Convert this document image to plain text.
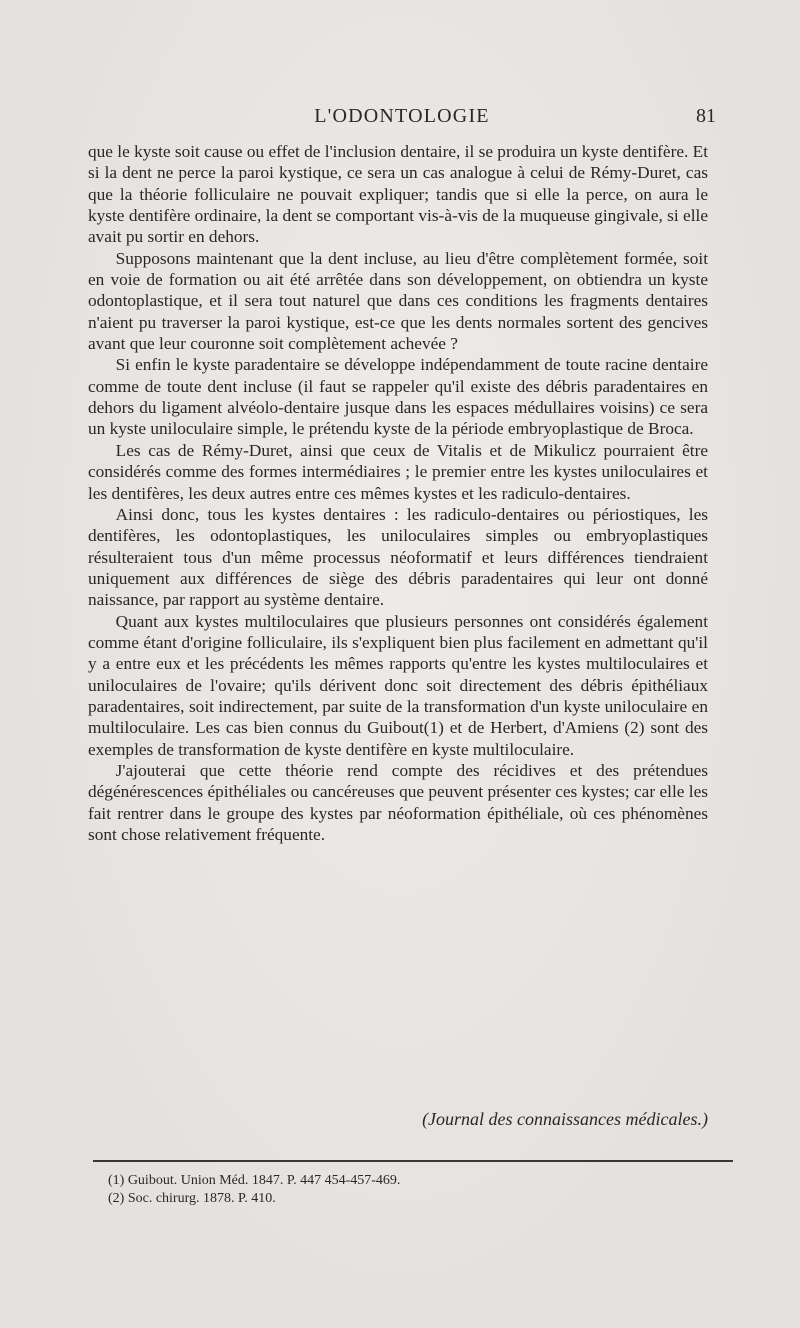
L'ODONTOLOGIE	81

que le kyste soit cause ou effet de l'inclusion dentaire, il se produira un kyste dentifère. Et si la dent ne perce la paroi kystique, ce sera un cas analogue à celui de Rémy-Duret, cas que la théorie folliculaire ne pouvait expliquer; tandis que si elle la perce, on aura le kyste dentifère ordinaire, la dent se comportant vis-à-vis de la muqueuse gingivale, si elle avait pu sortir en dehors.

Supposons maintenant que la dent incluse, au lieu d'être complètement formée, soit en voie de formation ou ait été arrêtée dans son développement, on obtiendra un kyste odontoplastique, et il sera tout naturel que dans ces conditions les fragments dentaires n'aient pu traverser la paroi kystique, est-ce que les dents normales sortent des gencives avant que leur couronne soit complètement achevée ?

Si enfin le kyste paradentaire se développe indépendamment de toute racine dentaire comme de toute dent incluse (il faut se rappeler qu'il existe des débris paradentaires en dehors du ligament alvéolo-dentaire jusque dans les espaces médullaires voisins) ce sera un kyste uniloculaire simple, le prétendu kyste de la période embryoplastique de Broca.

Les cas de Rémy-Duret, ainsi que ceux de Vitalis et de Mikulicz pourraient être considérés comme des formes intermédiaires ; le premier entre les kystes uniloculaires et les dentifères, les deux autres entre ces mêmes kystes et les radiculo-dentaires.

Ainsi donc, tous les kystes dentaires : les radiculo-dentaires ou périostiques, les dentifères, les odontoplastiques, les uniloculaires simples ou embryoplastiques résulteraient tous d'un même processus néoformatif et leurs différences tiendraient uniquement aux différences de siège des débris paradentaires qui leur ont donné naissance, par rapport au système dentaire.

Quant aux kystes multiloculaires que plusieurs personnes ont considérés également comme étant d'origine folliculaire, ils s'expliquent bien plus facilement en admettant qu'il y a entre eux et les précédents les mêmes rapports qu'entre les kystes multiloculaires et uniloculaires de l'ovaire; qu'ils dérivent donc soit directement des débris épithéliaux paradentaires, soit indirectement, par suite de la transformation d'un kyste uniloculaire en multiloculaire. Les cas bien connus du Guibout(1) et de Herbert, d'Amiens (2) sont des exemples de transformation de kyste dentifère en kyste multiloculaire.

J'ajouterai que cette théorie rend compte des récidives et des prétendues dégénérescences épithéliales ou cancéreuses que peuvent présenter ces kystes; car elle les fait rentrer dans le groupe des kystes par néoformation épithéliale, où ces phénomènes sont chose relativement fréquente.

(Journal des connaissances médicales.)
(1) Guibout. Union Méd. 1847. P. 447 454-457-469.
(2) Soc. chirurg. 1878. P. 410.
